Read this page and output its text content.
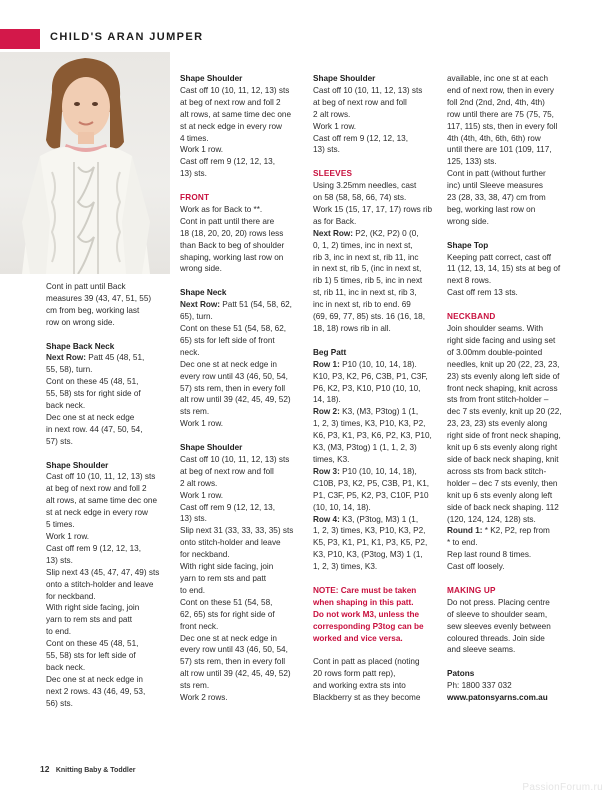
CHILD'S ARAN JUMPER

Cont in patt until Back
measures 39 (43, 47, 51, 55)
cm from beg, working last
row on wrong side.

Shape Back Neck

Next Row: Patt 45 (48, 51,
55, 58), turn.

Cont on these 45 (48, 51,
55, 58) sts for right side of
back neck.

Dec one st at neck edge
in next row. 44 (47, 50, 54,
57) sts.

Shape Shoulder

Cast off 10 (10, 11, 12, 13) sts
at beg of next row and foll 2
alt rows, at same time dec one
st at neck edge in every row
5 times.
Work 1 row.
Cast off rem 9 (12, 12, 13,
13) sts.
Slip next 43 (45, 47, 47, 49) sts
onto a stitch-holder and leave
for neckband.
With right side facing, join
yarn to rem sts and patt
to end.
Cont on these 45 (48, 51,
55, 58) sts for left side of
back neck.
Dec one st at neck edge in
next 2 rows. 43 (46, 49, 53,
56) sts.

Shape Shoulder

Cast off 10 (10, 11, 12, 13) sts
at beg of next row and foll 2
alt rows, at same time dec one
st at neck edge in every row
4 times.
Work 1 row.
Cast off rem 9 (12, 12, 13,
13) sts.

FRONT

Work as for Back to **.
Cont in patt until there are
18 (18, 20, 20, 20) rows less
than Back to beg of shoulder
shaping, working last row on
wrong side.

Shape Neck

Next Row: Patt 51 (54, 58, 62,
65), turn.
Cont on these 51 (54, 58, 62,
65) sts for left side of front
neck.
Dec one st at neck edge in
every row until 43 (46, 50, 54,
57) sts rem, then in every foll
alt row until 39 (42, 45, 49, 52)
sts rem.
Work 1 row.

Shape Shoulder

Cast off 10 (10, 11, 12, 13) sts
at beg of next row and foll
2 alt rows.
Work 1 row.
Cast off rem 9 (12, 12, 13,
13) sts.
Slip next 31 (33, 33, 33, 35) sts
onto stitch-holder and leave
for neckband.
With right side facing, join
yarn to rem sts and patt
to end.
Cont on these 51 (54, 58,
62, 65) sts for right side of
front neck.
Dec one st at neck edge in
every row until 43 (46, 50, 54,
57) sts rem, then in every foll
alt row until 39 (42, 45, 49, 52)
sts rem.
Work 2 rows.

Shape Shoulder

Cast off 10 (10, 11, 12, 13) sts
at beg of next row and foll
2 alt rows.
Work 1 row.
Cast off rem 9 (12, 12, 13,
13) sts.

SLEEVES

Using 3.25mm needles, cast
on 58 (58, 58, 66, 74) sts.
Work 15 (15, 17, 17, 17) rows rib
as for Back.

Next Row: P2, (K2, P2) 0 (0,
0, 1, 2) times, inc in next st,
rib 3, inc in next st, rib 11, inc
in next st, rib 5, (inc in next st,
rib 1) 5 times, rib 5, inc in next
st, rib 11, inc in next st, rib 3,
inc in next st, rib to end. 69
(69, 69, 77, 85) sts. 16 (16, 18,
18, 18) rows rib in all.

Beg Patt

Row 1: P10 (10, 10, 14, 18).
K10, P3, K2, P6, C3B, P1, C3F,
P6, K2, P3, K10, P10 (10, 10,
14, 18).

Row 2: K3, (M3, P3tog) 1 (1,
1, 2, 3) times, K3, P10, K3, P2,
K6, P3, K1, P3, K6, P2, K3, P10,
K3, (M3, P3tog) 1 (1, 1, 2, 3)
times, K3.

Row 3: P10 (10, 10, 14, 18),
C10B, P3, K2, P5, C3B, P1, K1,
P1, C3F, P5, K2, P3, C10F, P10
(10, 10, 14, 18).

Row 4: K3, (P3tog, M3) 1 (1,
1, 2, 3) times, K3, P10, K3, P2,
K5, P3, K1, P1, K1, P3, K5, P2,
K3, P10, K3, (P3tog, M3) 1 (1,
1, 2, 3) times, K3.

NOTE: Care must be taken
when shaping in this patt.
Do not work M3, unless the
corresponding P3tog can be
worked and vice versa.

Cont in patt as placed (noting
20 rows form patt rep),
and working extra sts into
Blackberry st as they become

available, inc one st at each
end of next row, then in every
foll 2nd (2nd, 2nd, 4th, 4th)
row until there are 75 (75, 75,
117, 115) sts, then in every foll
4th (4th, 4th, 6th, 6th) row
until there are 101 (109, 117,
125, 133) sts.
Cont in patt (without further
inc) until Sleeve measures
23 (28, 33, 38, 47) cm from
beg, working last row on
wrong side.

Shape Top

Keeping patt correct, cast off
11 (12, 13, 14, 15) sts at beg of
next 8 rows.
Cast off rem 13 sts.

NECKBAND

Join shoulder seams. With
right side facing and using set
of 3.00mm double-pointed
needles, knit up 20 (22, 23, 23,
23) sts evenly along left side of
front neck shaping, knit across
sts from front stitch-holder –
dec 7 sts evenly, knit up 20 (22,
23, 23, 23) sts evenly along
right side of front neck shaping,
knit up 6 sts evenly along right
side of back neck shaping, knit
across sts from back stitch-
holder – dec 7 sts evenly, then
knit up 6 sts evenly along left
side of back neck shaping. 112
(120, 124, 124, 128) sts.

Round 1: * K2, P2, rep from
* to end.
Rep last round 8 times.
Cast off loosely.

MAKING UP

Do not press. Placing centre
of sleeve to shoulder seam,
sew sleeves evenly between
coloured threads. Join side
and sleeve seams.

Patons

Ph: 1800 337 032

www.patonsyarns.com.au

12 Knitting Baby & Toddler
PassionForum.ru
